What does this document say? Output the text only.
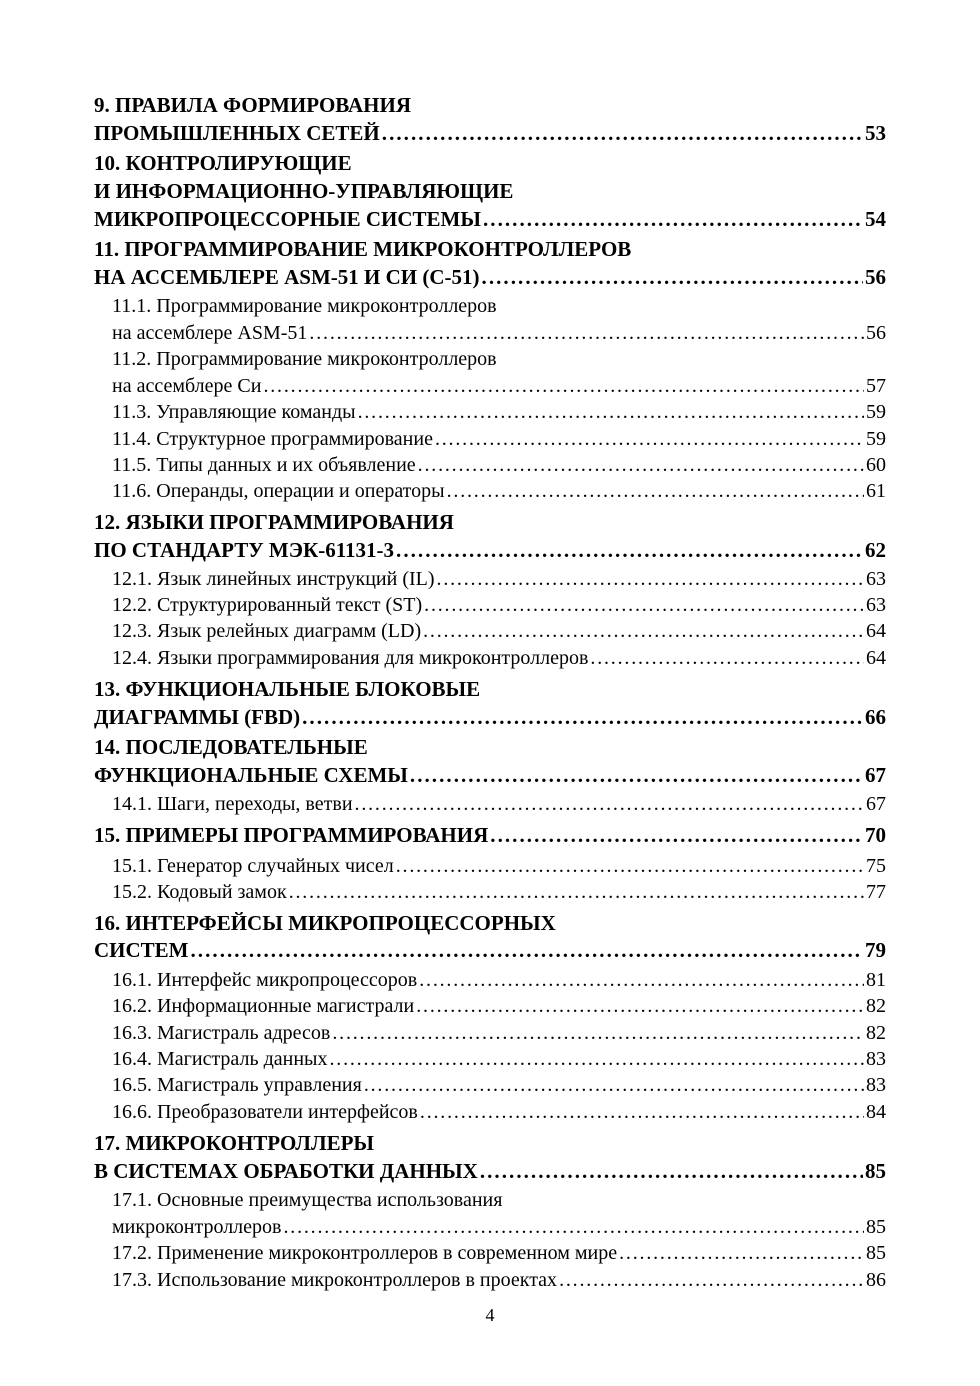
9. ПРАВИЛА ФОРМИРОВАНИЯ
ПРОМЫШЛЕННЫХ СЕТЕЙ . . .	53
10. КОНТРОЛИРУЮЩИЕ
И ИНФОРМАЦИОННО-УПРАВЛЯЮЩИЕ
МИКРОПРОЦЕССОРНЫЕ СИСТЕМЫ . . .	54
11. ПРОГРАММИРОВАНИЕ МИКРОКОНТРОЛЛЕРОВ
НА АССЕМБЛЕРЕ ASM-51 И СИ (С-51) . . .	56
11.1. Программирование микроконтроллеров
на ассемблере ASM-51 . . .	56
11.2. Программирование микроконтроллеров
на ассемблере Си . . .	57
11.3. Управляющие команды . . .	59
11.4. Структурное программирование . . .	59
11.5. Типы данных и их объявление . . .	60
11.6. Операнды, операции и операторы . . .	61
12. ЯЗЫКИ ПРОГРАММИРОВАНИЯ
ПО СТАНДАРТУ МЭК-61131-3 . . .	62
12.1. Язык линейных инструкций (IL) . . .	63
12.2. Структурированный текст (ST) . . .	63
12.3. Язык релейных диаграмм (LD) . . .	64
12.4. Языки программирования для микроконтроллеров . . .	64
13. ФУНКЦИОНАЛЬНЫЕ БЛОКОВЫЕ
ДИАГРАММЫ (FBD) . . .	66
14. ПОСЛЕДОВАТЕЛЬНЫЕ
ФУНКЦИОНАЛЬНЫЕ СХЕМЫ . . .	67
14.1. Шаги, переходы, ветви . . .	67
15. ПРИМЕРЫ ПРОГРАММИРОВАНИЯ . . .	70
15.1. Генератор случайных чисел . . .	75
15.2. Кодовый замок . . .	77
16. ИНТЕРФЕЙСЫ МИКРОПРОЦЕССОРНЫХ
СИСТЕМ . . .	79
16.1. Интерфейс микропроцессоров . . .	81
16.2. Информационные магистрали . . .	82
16.3. Магистраль адресов . . .	82
16.4. Магистраль данных . . .	83
16.5. Магистраль управления . . .	83
16.6. Преобразователи интерфейсов . . .	84
17. МИКРОКОНТРОЛЛЕРЫ
В СИСТЕМАХ ОБРАБОТКИ ДАННЫХ . . .	85
17.1. Основные преимущества использования
микроконтроллеров . . .	85
17.2. Применение микроконтроллеров в современном мире . . .	85
17.3. Использование микроконтроллеров в проектах . . .	86
4
